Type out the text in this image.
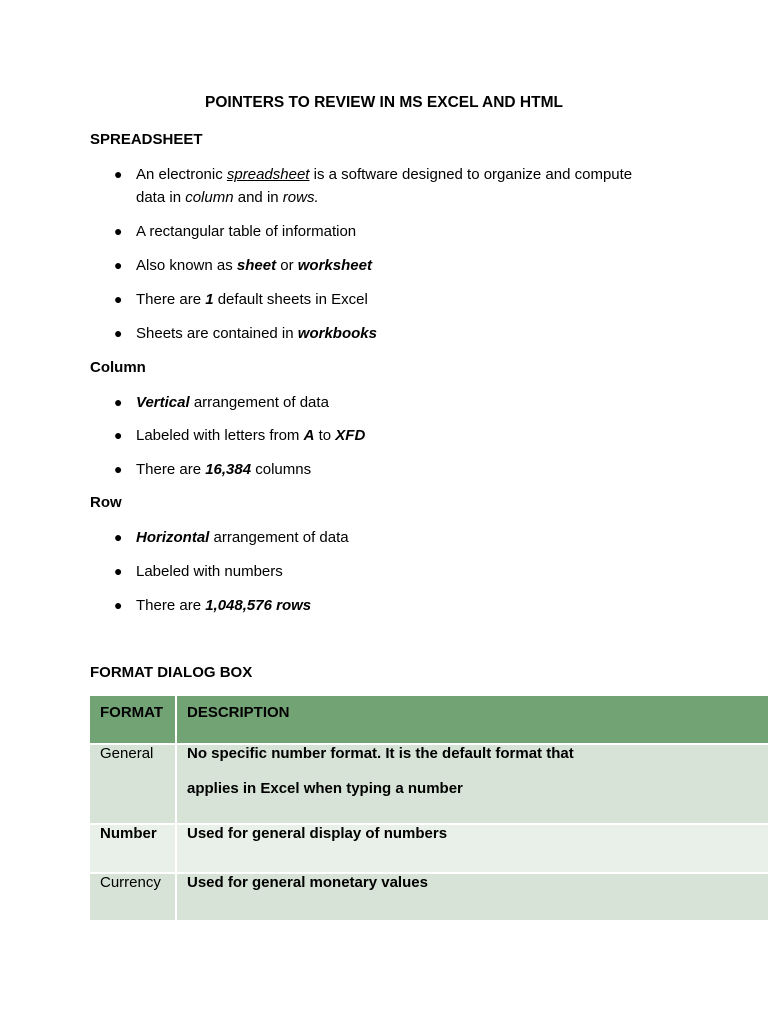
POINTERS TO REVIEW IN MS EXCEL AND HTML
SPREADSHEET
● An electronic spreadsheet is a software designed to organize and compute
data in column and in rows.
● A rectangular table of information
● Also known as sheet or worksheet
● There are 1 default sheets in Excel
● Sheets are contained in workbooks
Column
● Vertical arrangement of data
● Labeled with letters from A to XFD
● There are 16,384 columns
Row
● Horizontal arrangement of data
● Labeled with numbers
● There are 1,048,576 rows
FORMAT DIALOG BOX
FORMAT	DESCRIPTION
General	No specific number format. It is the default format that
applies in Excel when typing a number

Number	Used for general display of numbers
Currency	Used for general monetary values
